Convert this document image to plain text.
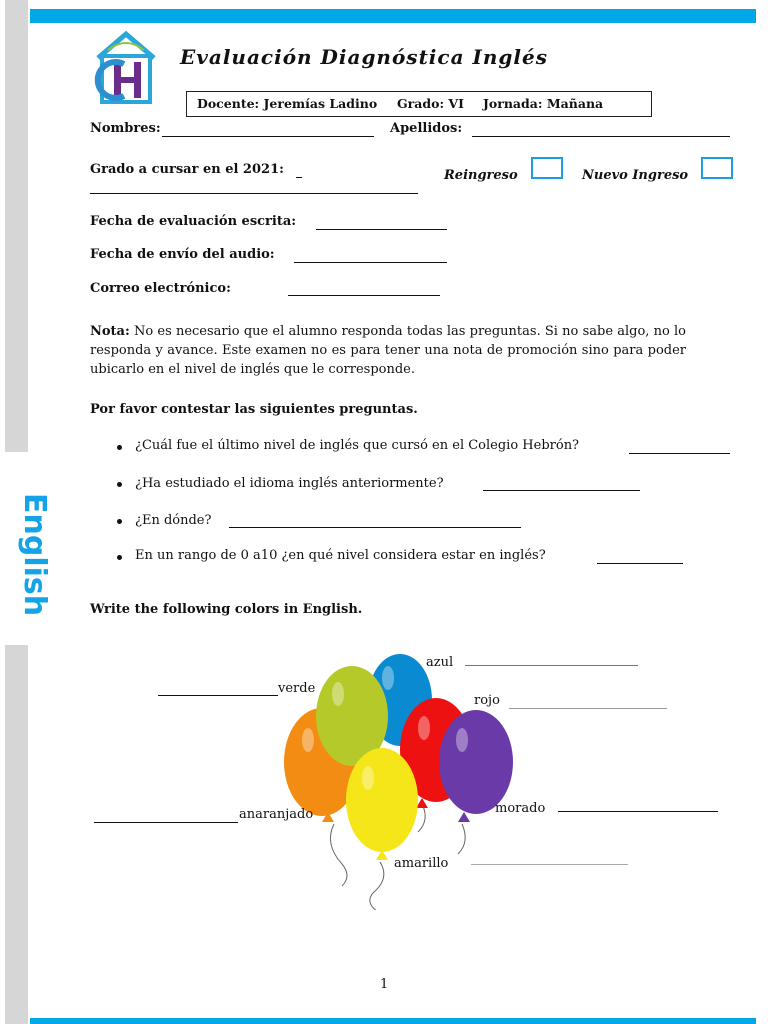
English
Evaluación Diagnóstica Inglés
Docente: Jeremías Ladino Grado: VI Jornada: Mañana
Nombres:	Apellidos:
Grado a cursar en el 2021:	Reingreso	Nuevo Ingreso
Fecha de evaluación escrita:
Fecha de envío del audio:
Correo electrónico:
Nota: No es necesario que el alumno responda todas las preguntas. Si no sabe algo, no lo responda y avance. Este examen no es para tener una nota de promoción sino para poder ubicarlo en el nivel de inglés que le corresponde.
Por favor contestar las siguientes preguntas.
¿Cuál fue el último nivel de inglés que cursó en el Colegio Hebrón?
¿Ha estudiado el idioma inglés anteriormente?
¿En dónde?
En un rango de 0 a10 ¿en qué nivel considera estar en inglés?
Write the following colors in English.
azul
verde
rojo
morado
anaranjado
amarillo
1
